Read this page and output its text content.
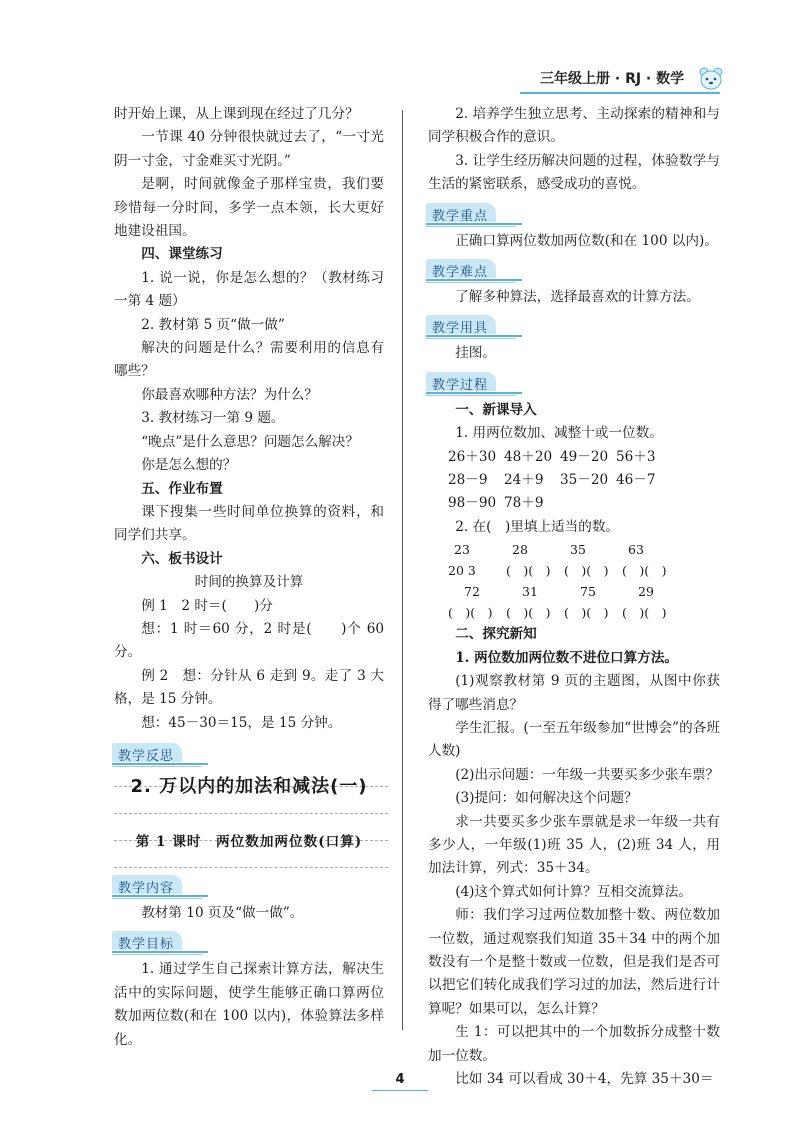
三年级上册 · RJ · 数学

时开始上课，从上课到现在经过了几分？

一节课 40 分钟很快就过去了，“一寸光阴一寸金，寸金难买寸光阴。”

是啊，时间就像金子那样宝贵，我们要珍惜每一分时间，多学一点本领，长大更好地建设祖国。

四、课堂练习

1. 说一说，你是怎么想的？（教材练习一第 4 题）

2. 教材第 5 页“做一做”

解决的问题是什么？需要利用的信息有哪些？

你最喜欢哪种方法？为什么？

3. 教材练习一第 9 题。

“晚点”是什么意思？问题怎么解决？

你是怎么想的？

五、作业布置

课下搜集一些时间单位换算的资料，和同学们共享。

六、板书设计

时间的换算及计算

例 1　2 时＝(　　)分

想：1 时＝60 分，2 时是(　　)个 60 分。

例 2　想：分针从 6 走到 9。走了 3 大格，是 15 分钟。

想：45－30＝15，是 15 分钟。

教学反思
2. 万以内的加法和减法(一)
第 1 课时　两位数加两位数(口算)
教学内容

教材第 10 页及“做一做”。

教学目标

1. 通过学生自己探索计算方法，解决生活中的实际问题，使学生能够正确口算两位数加两位数(和在 100 以内)，体验算法多样化。

2. 培养学生独立思考、主动探索的精神和与同学积极合作的意识。

3. 让学生经历解决问题的过程，体验数学与生活的紧密联系，感受成功的喜悦。

教学重点

正确口算两位数加两位数(和在 100 以内)。

教学难点

了解多种算法，选择最喜欢的计算方法。

教学用具

挂图。

教学过程

一、新课导入

1. 用两位数加、减整十或一位数。

26＋30 48＋20 49－20 56＋3
28－9	24＋9	35－20 46－7
98－90 78＋9

2. 在(　)里填上适当的数。

23	28	35	63
20 3	(　)(　)	(　)(　)	(　)(　)
72	31	75	29
(　)(　)	(　)(　)	(　)(　)	(　)(　)

二、探究新知

1. 两位数加两位数不进位口算方法。

(1)观察教材第 9 页的主题图，从图中你获得了哪些消息？

学生汇报。(一至五年级参加“世博会”的各班人数)

(2)出示问题：一年级一共要买多少张车票？

(3)提问：如何解决这个问题？

求一共要买多少张车票就是求一年级一共有多少人，一年级(1)班 35 人，(2)班 34 人，用加法计算，列式：35＋34。

(4)这个算式如何计算？互相交流算法。

师：我们学习过两位数加整十数、两位数加一位数，通过观察我们知道 35＋34 中的两个加数没有一个是整十数或一位数，但是我们是否可以把它们转化成我们学习过的加法，然后进行计算呢？如果可以，怎么计算？

生 1：可以把其中的一个加数拆分成整十数加一位数。

比如 34 可以看成 30＋4，先算 35＋30＝

4
